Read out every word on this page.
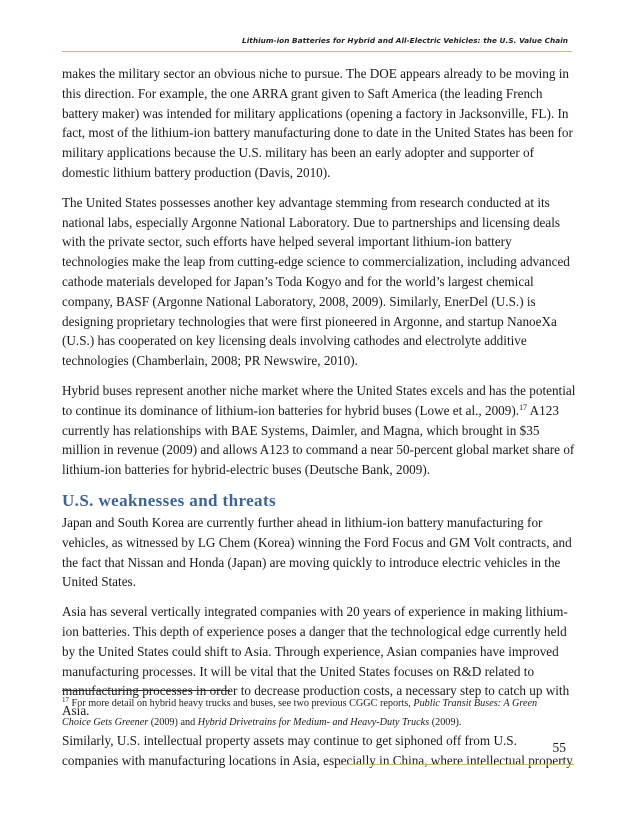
Lithium-ion Batteries for Hybrid and All-Electric Vehicles: the U.S. Value Chain

makes the military sector an obvious niche to pursue. The DOE appears already to be moving in
this direction. For example, the one ARRA grant given to Saft America (the leading French
battery maker) was intended for military applications (opening a factory in Jacksonville, FL). In
fact, most of the lithium-ion battery manufacturing done to date in the United States has been for
military applications because the U.S. military has been an early adopter and supporter of
domestic lithium battery production (Davis, 2010).

The United States possesses another key advantage stemming from research conducted at its
national labs, especially Argonne National Laboratory. Due to partnerships and licensing deals
with the private sector, such efforts have helped several important lithium-ion battery
technologies make the leap from cutting-edge science to commercialization, including advanced
cathode materials developed for Japan’s Toda Kogyo and for the world’s largest chemical
company, BASF (Argonne National Laboratory, 2008, 2009). Similarly, EnerDel (U.S.) is
designing proprietary technologies that were first pioneered in Argonne, and startup NanoeXa
(U.S.) has cooperated on key licensing deals involving cathodes and electrolyte additive
technologies (Chamberlain, 2008; PR Newswire, 2010).

Hybrid buses represent another niche market where the United States excels and has the potential
to continue its dominance of lithium-ion batteries for hybrid buses (Lowe et al., 2009).$^{17}$ A123
currently has relationships with BAE Systems, Daimler, and Magna, which brought in $35
million in revenue (2009) and allows A123 to command a near 50-percent global market share of
lithium-ion batteries for hybrid-electric buses (Deutsche Bank, 2009).

U.S. weaknesses and threats

Japan and South Korea are currently further ahead in lithium-ion battery manufacturing for
vehicles, as witnessed by LG Chem (Korea) winning the Ford Focus and GM Volt contracts, and
the fact that Nissan and Honda (Japan) are moving quickly to introduce electric vehicles in the
United States.

Asia has several vertically integrated companies with 20 years of experience in making lithium-
ion batteries. This depth of experience poses a danger that the technological edge currently held
by the United States could shift to Asia. Through experience, Asian companies have improved
manufacturing processes. It will be vital that the United States focuses on R&D related to
manufacturing processes in order to decrease production costs, a necessary step to catch up with
Asia.

Similarly, U.S. intellectual property assets may continue to get siphoned off from U.S.
companies with manufacturing locations in Asia, especially in China, where intellectual property

$^{17}$ For more detail on hybrid heavy trucks and buses, see two previous CGGC reports, Public Transit Buses: A Green
Choice Gets Greener (2009) and Hybrid Drivetrains for Medium- and Heavy-Duty Trucks (2009).
55
